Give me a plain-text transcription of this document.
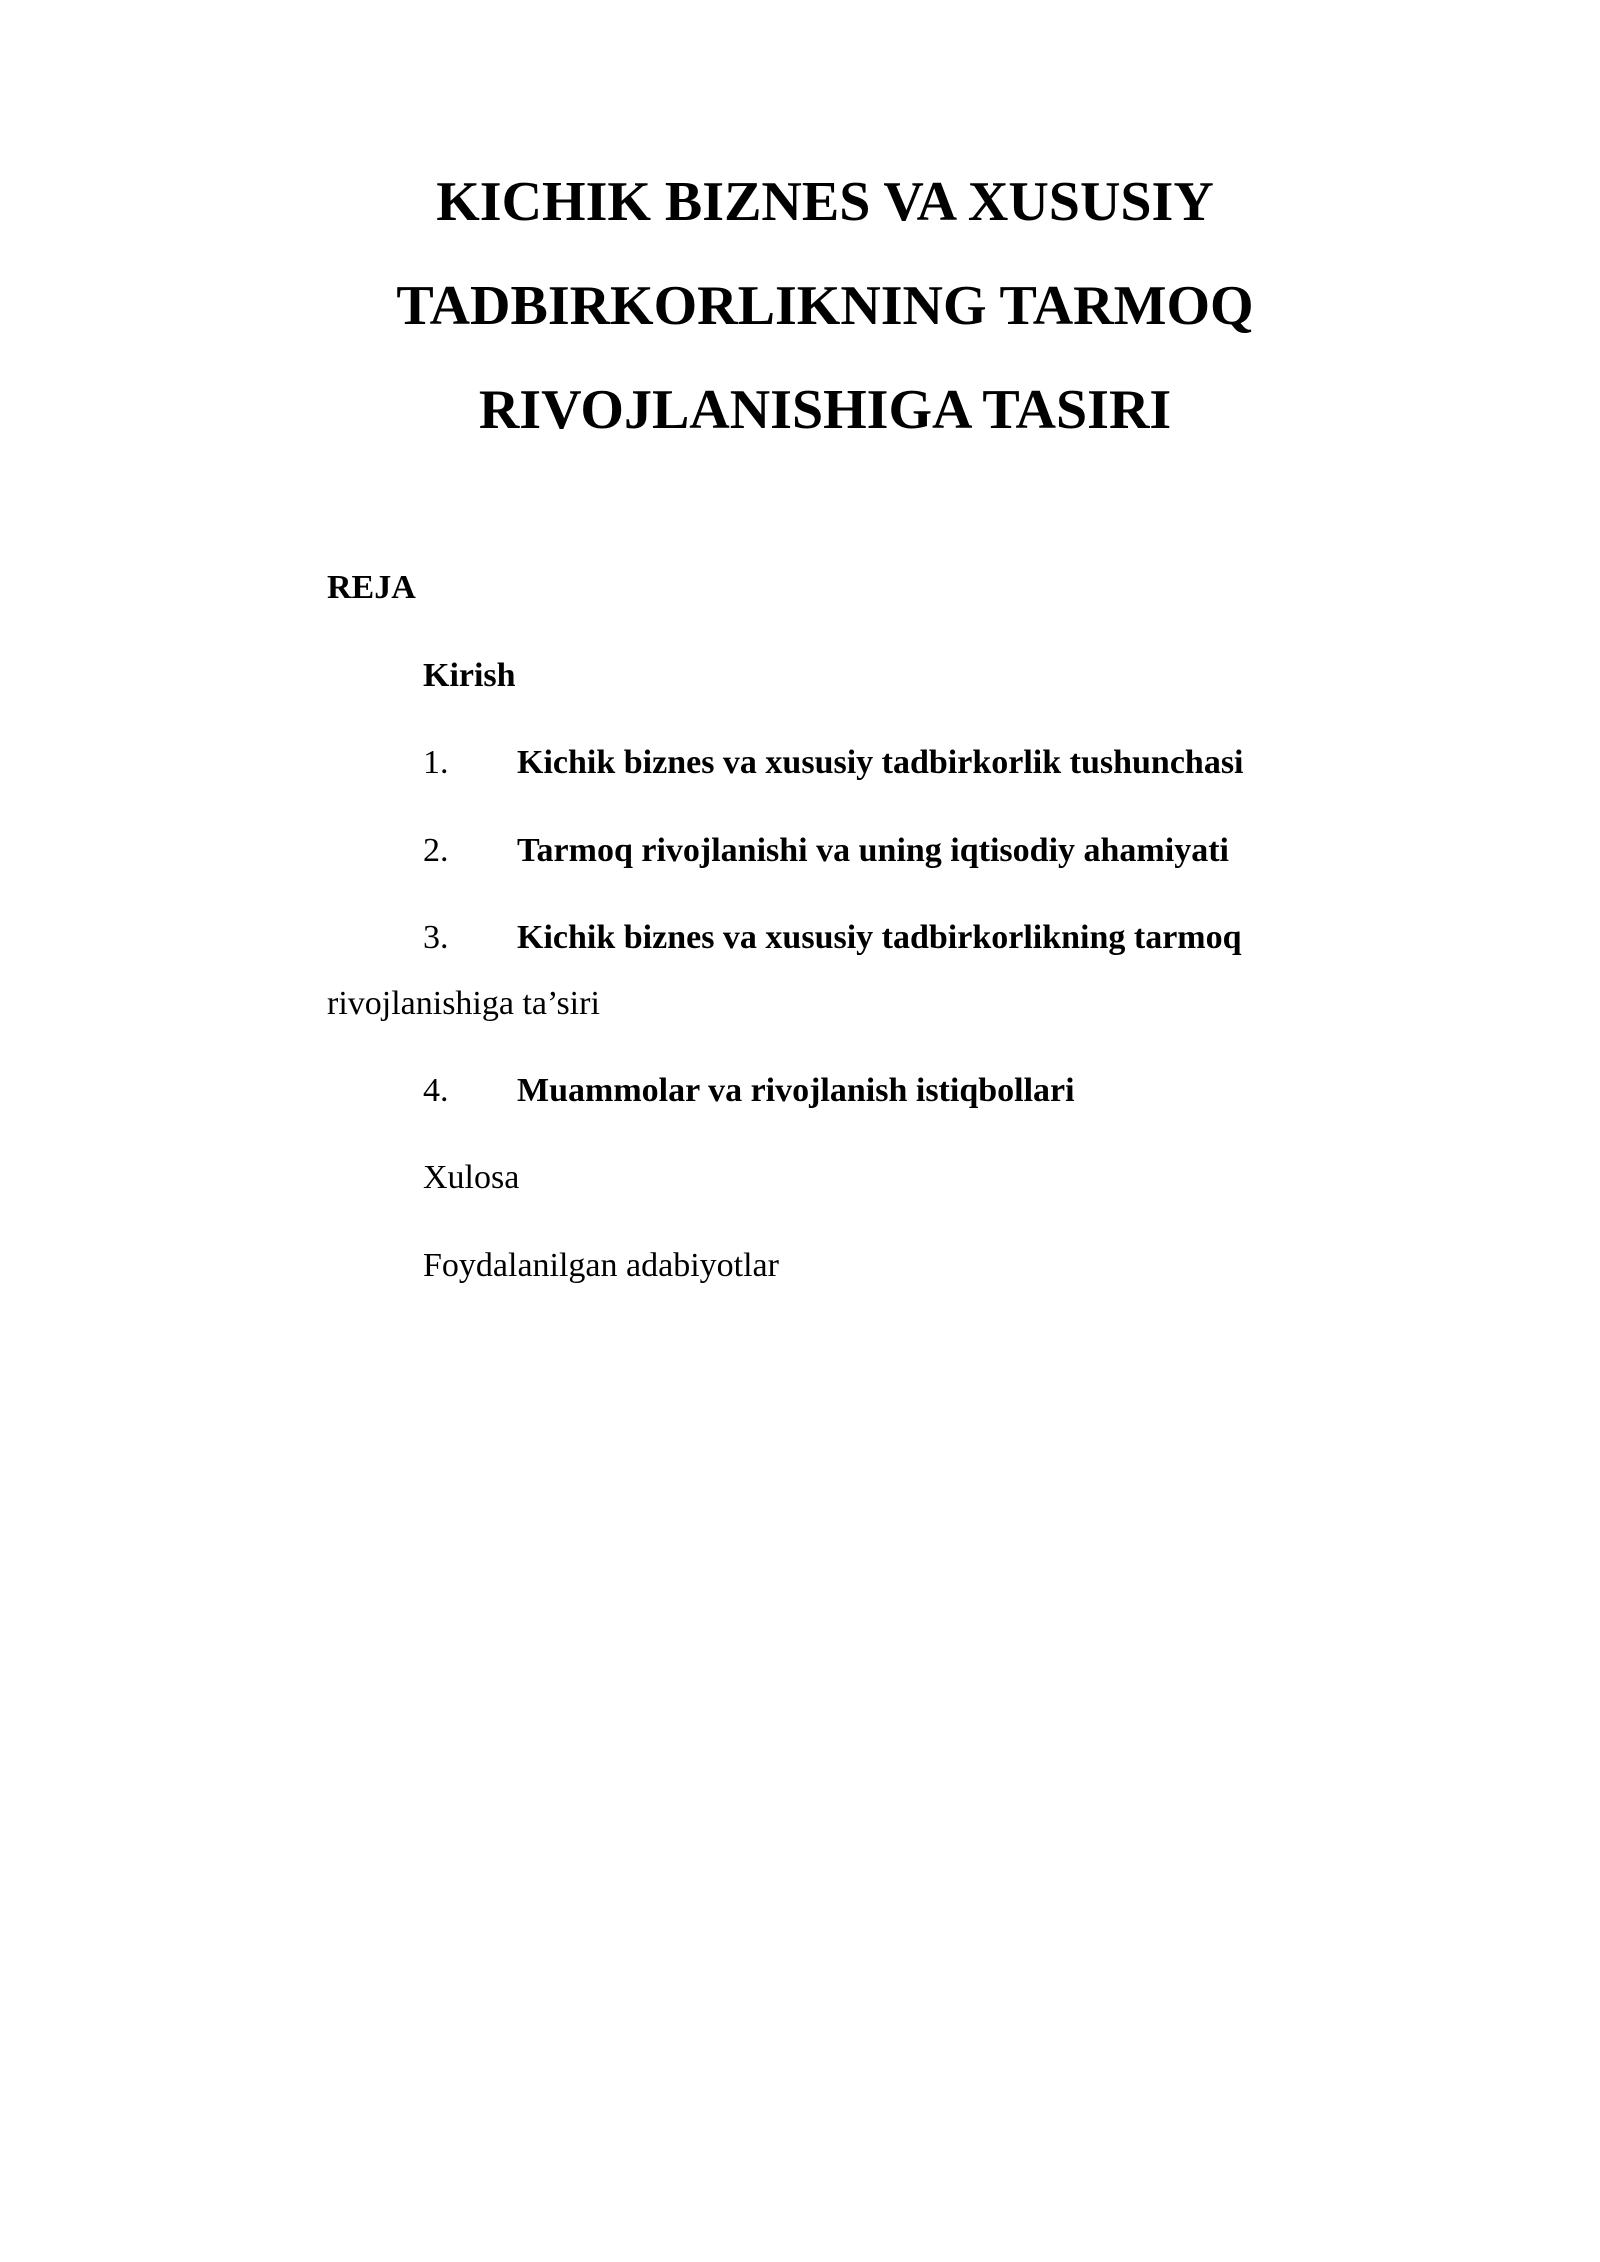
KICHIK BIZNES VA XUSUSIY
TADBIRKORLIKNING TARMOQ
RIVOJLANISHIGA TASIRI
REJA
Kirish
1. Kichik biznes va xususiy tadbirkorlik tushunchasi
2. Tarmoq rivojlanishi va uning iqtisodiy ahamiyati
3. Kichik biznes va xususiy tadbirkorlikning tarmoq
rivojlanishiga ta’siri
4. Muammolar va rivojlanish istiqbollari
Xulosa
Foydalanilgan adabiyotlar
